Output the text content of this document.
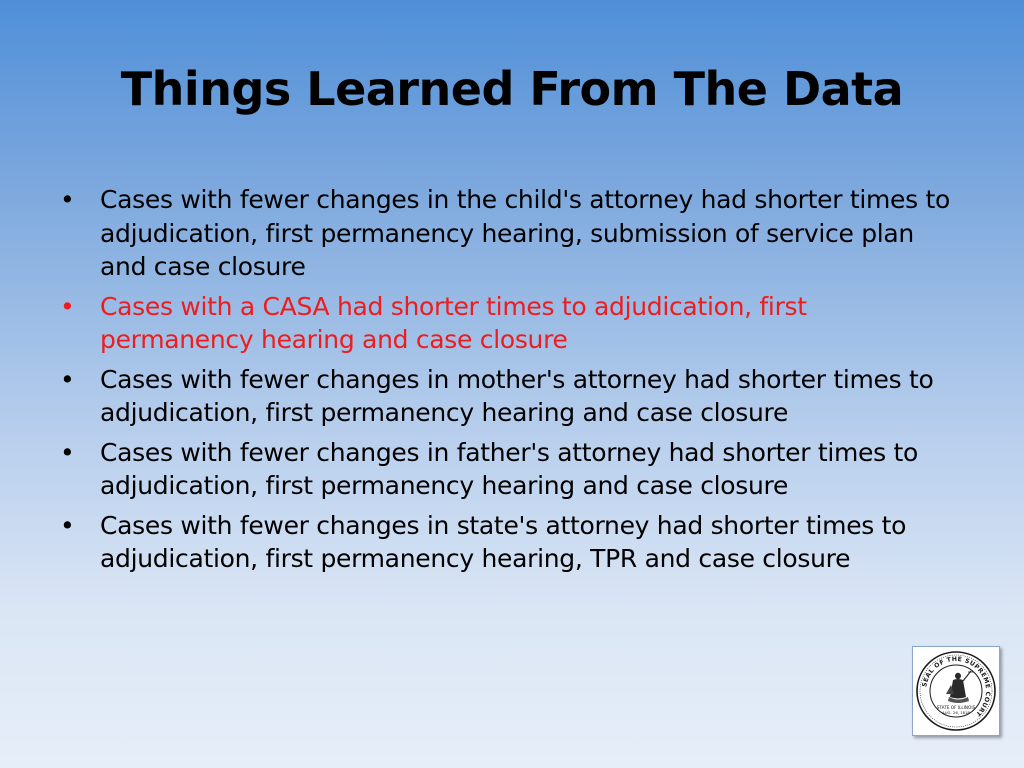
Things Learned From The Data
• Cases with fewer changes in the child's attorney had shorter times to adjudication, first permanency hearing, submission of service plan and case closure
• Cases with a CASA had shorter times to adjudication, first permanency hearing and case closure
• Cases with fewer changes in mother's attorney had shorter times to adjudication, first permanency hearing and case closure
• Cases with fewer changes in father's attorney had shorter times to adjudication, first permanency hearing and case closure
• Cases with fewer changes in state's attorney had shorter times to adjudication, first permanency hearing, TPR and case closure
SEAL OF THE SUPREME COURT
STATE OF ILLINOIS
AUG. 26, 1818
